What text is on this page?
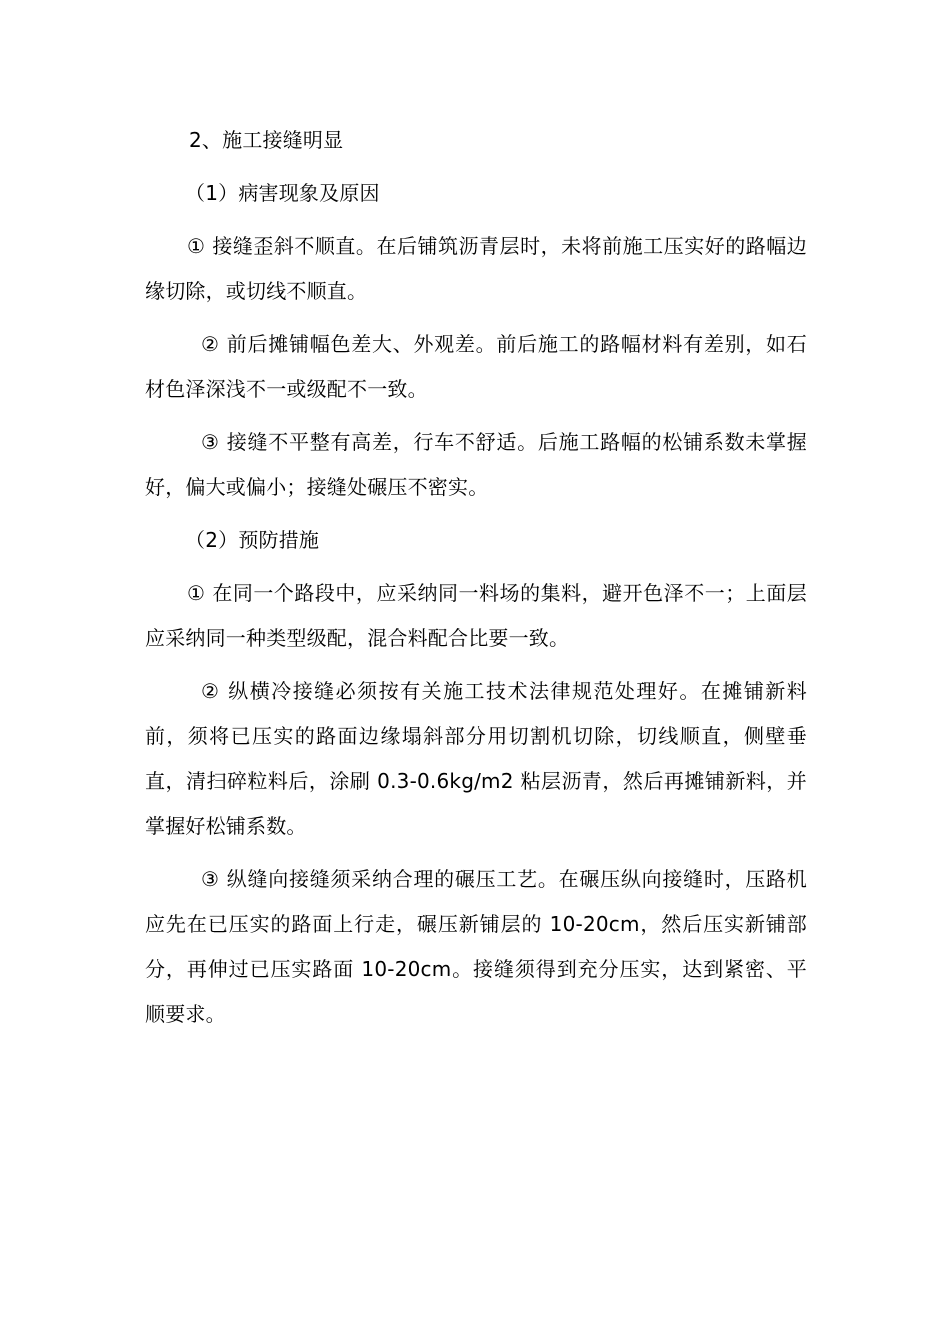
2、施工接缝明显

（1）病害现象及原因

① 接缝歪斜不顺直。在后铺筑沥青层时，未将前施工压实好的路幅边缘切除，或切线不顺直。

② 前后摊铺幅色差大、外观差。前后施工的路幅材料有差别，如石材色泽深浅不一或级配不一致。

③ 接缝不平整有高差，行车不舒适。后施工路幅的松铺系数未掌握好，偏大或偏小；接缝处碾压不密实。

（2）预防措施

① 在同一个路段中，应采纳同一料场的集料，避开色泽不一；上面层应采纳同一种类型级配，混合料配合比要一致。

② 纵横冷接缝必须按有关施工技术法律规范处理好。在摊铺新料前，须将已压实的路面边缘塌斜部分用切割机切除，切线顺直，侧壁垂直，清扫碎粒料后，涂刷 0.3-0.6kg/m2 粘层沥青，然后再摊铺新料，并掌握好松铺系数。

③ 纵缝向接缝须采纳合理的碾压工艺。在碾压纵向接缝时，压路机应先在已压实的路面上行走，碾压新铺层的 10-20cm，然后压实新铺部分，再伸过已压实路面 10-20cm。接缝须得到充分压实，达到紧密、平顺要求。
